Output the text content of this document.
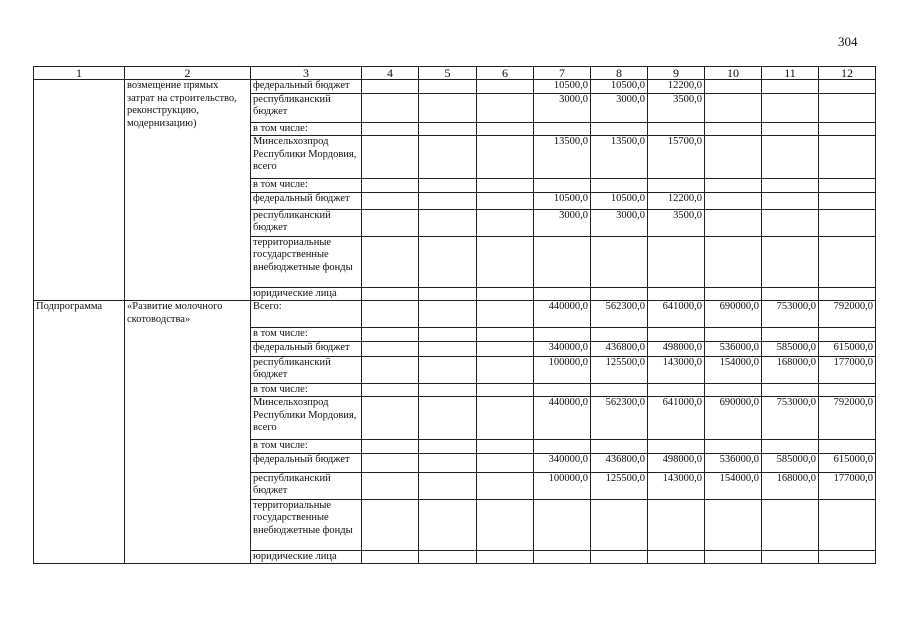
304
1	2	3	4	5	6	7	8	9	10	11	12
	возмещение прямых затрат на строительство, реконструкцию, модернизацию)	федеральный бюджет				10500,0	10500,0	12200,0			
		республиканский бюджет				3000,0	3000,0	3500,0			
		в том числе:									
		Минсельхозпрод Республики Мордовия, всего				13500,0	13500,0	15700,0			
		в том числе:									
		федеральный бюджет				10500,0	10500,0	12200,0			
		республиканский бюджет				3000,0	3000,0	3500,0			
		территориальные государственные внебюджетные фонды									
		юридические лица									
Подпрограмма	«Развитие молочного скотоводства»	Всего:				440000,0	562300,0	641000,0	690000,0	753000,0	792000,0
		в том числе:									
		федеральный бюджет				340000,0	436800,0	498000,0	536000,0	585000,0	615000,0
		республиканский бюджет				100000,0	125500,0	143000,0	154000,0	168000,0	177000,0
		в том числе:									
		Минсельхозпрод Республики Мордовия, всего				440000,0	562300,0	641000,0	690000,0	753000,0	792000,0
		в том числе:									
		федеральный бюджет				340000,0	436800,0	498000,0	536000,0	585000,0	615000,0
		республиканский бюджет				100000,0	125500,0	143000,0	154000,0	168000,0	177000,0
		территориальные государственные внебюджетные фонды									
		юридические лица									
